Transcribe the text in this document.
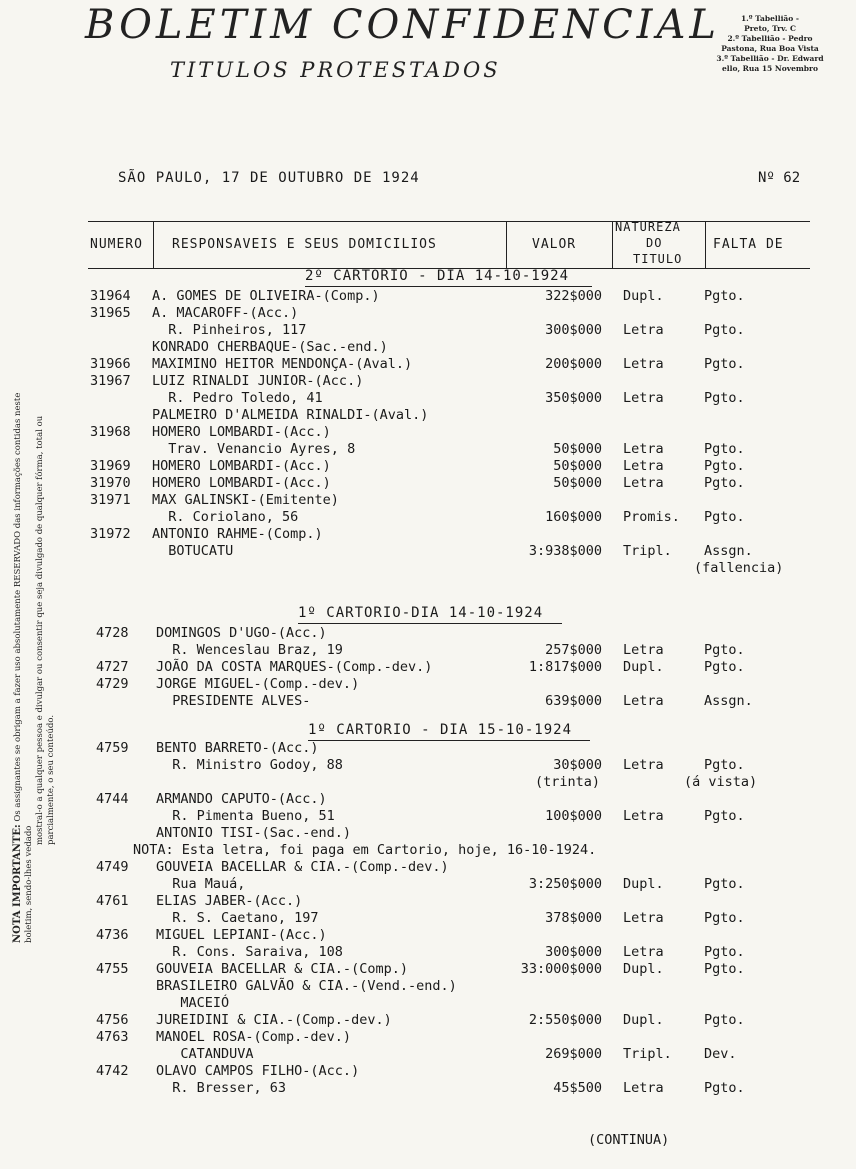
BOLETIM CONFIDENCIAL
TITULOS PROTESTADOS
1.º Tabellião -
Preto, Trv. C
2.º Tabellião - Pedro
Pastona, Rua Boa Vista
3.º Tabellião - Dr. Edward
ello, Rua 15 Novembro
NOTA IMPORTANTE: Os assignantes se obrigam a fazer uso absolutamente RESERVADO das informações contidas neste boletim, sendo-lhes vedado
mostral-o a qualquer pessoa e divulgar ou consentir que seja divulgado de qualquer fórma, total ou parcialmente, o seu conteúdo.
SÃO PAULO, 17 DE OUTUBRO DE 1924	Nº 62
NUMERO RESPONSAVEIS E SEUS DOMICILIOS	VALOR
NATUREZA
DO
TITULO
FALTA DE
2º CARTORIO - DIA 14-10-1924
31964 A. GOMES DE OLIVEIRA-(Comp.)	322$000 Dupl.	Pgto.
31965 A. MACAROFF-(Acc.)
R. Pinheiros, 117	300$000 Letra	Pgto.
KONRADO CHERBAQUE-(Sac.-end.)
31966 MAXIMINO HEITOR MENDONÇA-(Aval.)	200$000 Letra	Pgto.
31967 LUIZ RINALDI JUNIOR-(Acc.)
R. Pedro Toledo, 41	350$000 Letra	Pgto.
PALMEIRO D'ALMEIDA RINALDI-(Aval.)
31968 HOMERO LOMBARDI-(Acc.)
Trav. Venancio Ayres, 8	50$000 Letra	Pgto.
31969 HOMERO LOMBARDI-(Acc.)	50$000 Letra	Pgto.
31970 HOMERO LOMBARDI-(Acc.)	50$000 Letra	Pgto.
31971 MAX GALINSKI-(Emitente)
R. Coriolano, 56	160$000 Promis. Pgto.
31972 ANTONIO RAHME-(Comp.)
BOTUCATU	3:938$000 Tripl. Assgn.
(fallencia)
1º CARTORIO-DIA 14-10-1924
4728 DOMINGOS D'UGO-(Acc.)
R. Wenceslau Braz, 19	257$000 Letra	Pgto.
4727 JOÃO DA COSTA MARQUES-(Comp.-dev.)	1:817$000 Dupl.	Pgto.
4729 JORGE MIGUEL-(Comp.-dev.)
PRESIDENTE ALVES-	639$000 Letra	Assgn.
1º CARTORIO - DIA 15-10-1924
4759 BENTO BARRETO-(Acc.)
R. Ministro Godoy, 88	30$000 Letra	Pgto.
(trinta)	(á vista)
4744 ARMANDO CAPUTO-(Acc.)
R. Pimenta Bueno, 51	100$000 Letra	Pgto.
ANTONIO TISI-(Sac.-end.)
NOTA: Esta letra, foi paga em Cartorio, hoje, 16-10-1924.
4749 GOUVEIA BACELLAR & CIA.-(Comp.-dev.)
Rua Mauá,	3:250$000 Dupl.	Pgto.
4761 ELIAS JABER-(Acc.)
R. S. Caetano, 197	378$000 Letra	Pgto.
4736 MIGUEL LEPIANI-(Acc.)
R. Cons. Saraiva, 108	300$000 Letra	Pgto.
4755 GOUVEIA BACELLAR & CIA.-(Comp.)	33:000$000 Dupl.	Pgto.
BRASILEIRO GALVÃO & CIA.-(Vend.-end.)
MACEIÓ
4756 JUREIDINI & CIA.-(Comp.-dev.)	2:550$000 Dupl.	Pgto.
4763 MANOEL ROSA-(Comp.-dev.)
CATANDUVA	269$000 Tripl. Dev.
4742 OLAVO CAMPOS FILHO-(Acc.)
R. Bresser, 63	45$500 Letra	Pgto.
(CONTINUA)
